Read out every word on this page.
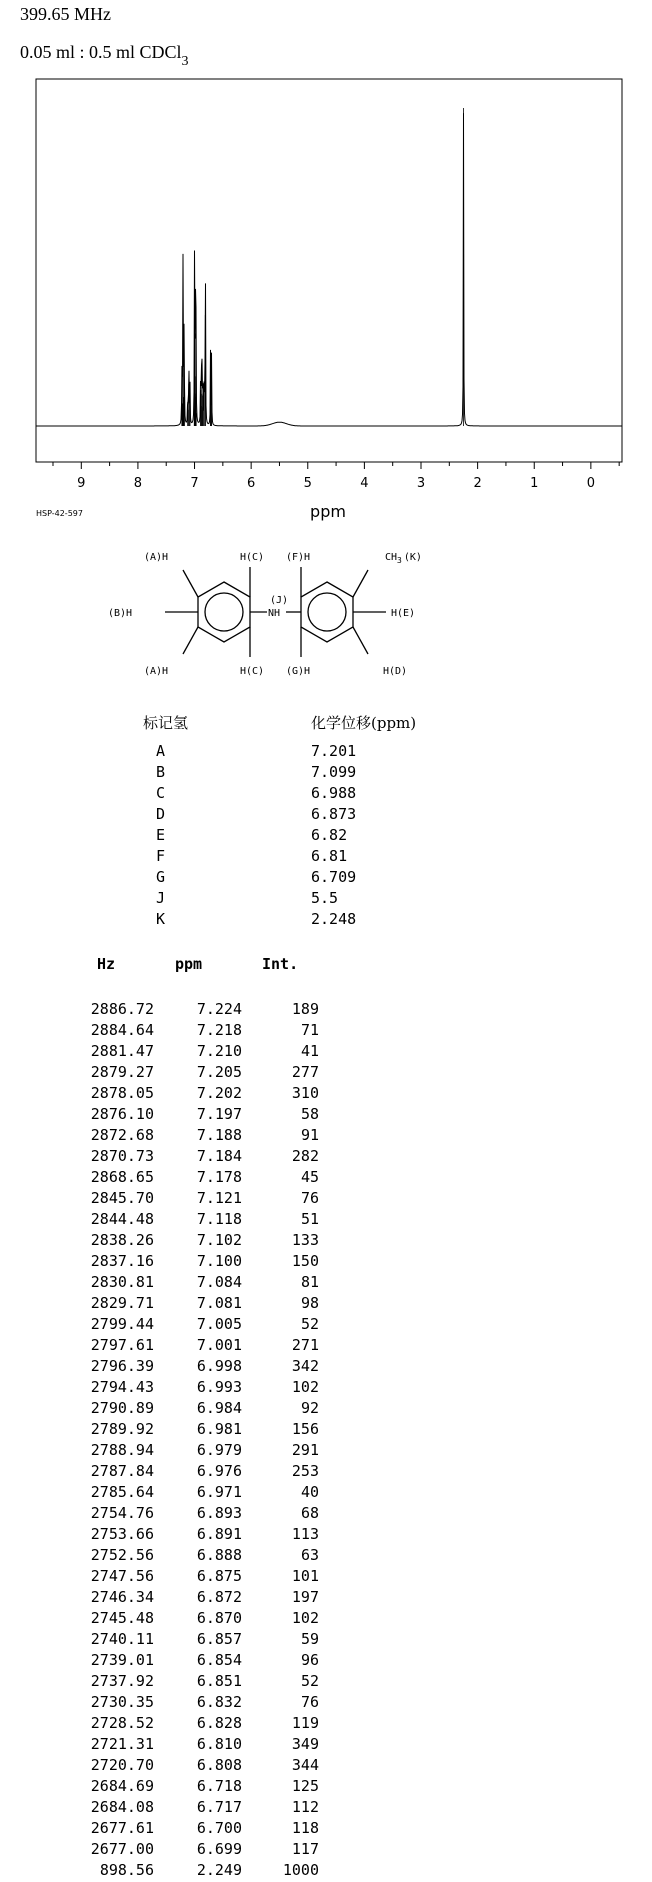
399.65 MHz
0.05 ml : 0.5 ml CDCl$_3$
9	8	7	6	5	4	3	2	1	0
ppm
HSP-42-597
(A)H	H(C) (F)H	$CH_3$ (K)
(B)H
(J)
NH	H(E)
(A)H	H(C) (G)H	H(D)
标记氢	化学位移(ppm)
A	7.201
B	7.099
C	6.988
D	6.873
E	6.82
F	6.81
G	6.709
J	5.5
K	2.248
Hz	ppm	Int.
2886.72	7.224	189
2884.64	7.218	71
2881.47	7.210	41
2879.27	7.205	277
2878.05	7.202	310
2876.10	7.197	58
2872.68	7.188	91
2870.73	7.184	282
2868.65	7.178	45
2845.70	7.121	76
2844.48	7.118	51
2838.26	7.102	133
2837.16	7.100	150
2830.81	7.084	81
2829.71	7.081	98
2799.44	7.005	52
2797.61	7.001	271
2796.39	6.998	342
2794.43	6.993	102
2790.89	6.984	92
2789.92	6.981	156
2788.94	6.979	291
2787.84	6.976	253
2785.64	6.971	40
2754.76	6.893	68
2753.66	6.891	113
2752.56	6.888	63
2747.56	6.875	101
2746.34	6.872	197
2745.48	6.870	102
2740.11	6.857	59
2739.01	6.854	96
2737.92	6.851	52
2730.35	6.832	76
2728.52	6.828	119
2721.31	6.810	349
2720.70	6.808	344
2684.69	6.718	125
2684.08	6.717	112
2677.61	6.700	118
2677.00	6.699	117
898.56	2.249	1000
